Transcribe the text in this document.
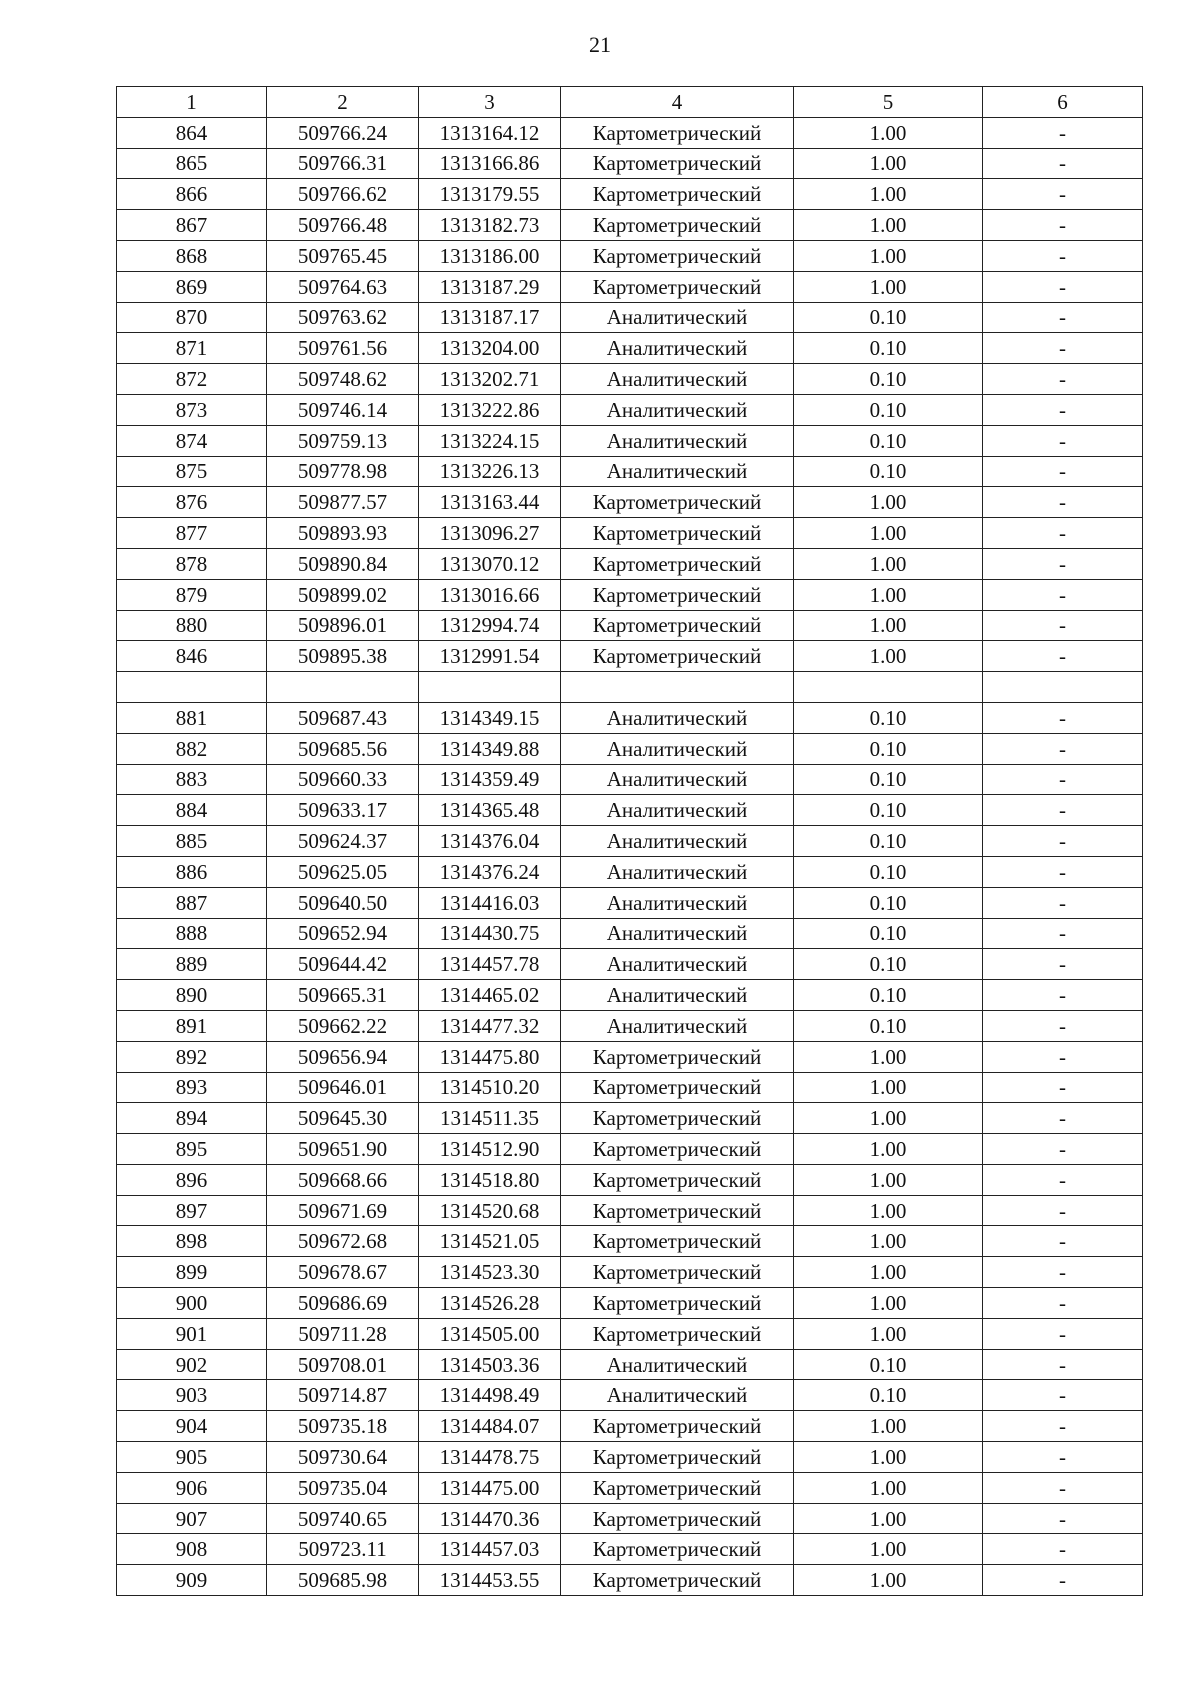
21
1	2	3	4	5	6
864	509766.24	1313164.12	Картометрический	1.00	-
865	509766.31	1313166.86	Картометрический	1.00	-
866	509766.62	1313179.55	Картометрический	1.00	-
867	509766.48	1313182.73	Картометрический	1.00	-
868	509765.45	1313186.00	Картометрический	1.00	-
869	509764.63	1313187.29	Картометрический	1.00	-
870	509763.62	1313187.17	Аналитический	0.10	-
871	509761.56	1313204.00	Аналитический	0.10	-
872	509748.62	1313202.71	Аналитический	0.10	-
873	509746.14	1313222.86	Аналитический	0.10	-
874	509759.13	1313224.15	Аналитический	0.10	-
875	509778.98	1313226.13	Аналитический	0.10	-
876	509877.57	1313163.44	Картометрический	1.00	-
877	509893.93	1313096.27	Картометрический	1.00	-
878	509890.84	1313070.12	Картометрический	1.00	-
879	509899.02	1313016.66	Картометрический	1.00	-
880	509896.01	1312994.74	Картометрический	1.00	-
846	509895.38	1312991.54	Картометрический	1.00	-

881	509687.43	1314349.15	Аналитический	0.10	-
882	509685.56	1314349.88	Аналитический	0.10	-
883	509660.33	1314359.49	Аналитический	0.10	-
884	509633.17	1314365.48	Аналитический	0.10	-
885	509624.37	1314376.04	Аналитический	0.10	-
886	509625.05	1314376.24	Аналитический	0.10	-
887	509640.50	1314416.03	Аналитический	0.10	-
888	509652.94	1314430.75	Аналитический	0.10	-
889	509644.42	1314457.78	Аналитический	0.10	-
890	509665.31	1314465.02	Аналитический	0.10	-
891	509662.22	1314477.32	Аналитический	0.10	-
892	509656.94	1314475.80	Картометрический	1.00	-
893	509646.01	1314510.20	Картометрический	1.00	-
894	509645.30	1314511.35	Картометрический	1.00	-
895	509651.90	1314512.90	Картометрический	1.00	-
896	509668.66	1314518.80	Картометрический	1.00	-
897	509671.69	1314520.68	Картометрический	1.00	-
898	509672.68	1314521.05	Картометрический	1.00	-
899	509678.67	1314523.30	Картометрический	1.00	-
900	509686.69	1314526.28	Картометрический	1.00	-
901	509711.28	1314505.00	Картометрический	1.00	-
902	509708.01	1314503.36	Аналитический	0.10	-
903	509714.87	1314498.49	Аналитический	0.10	-
904	509735.18	1314484.07	Картометрический	1.00	-
905	509730.64	1314478.75	Картометрический	1.00	-
906	509735.04	1314475.00	Картометрический	1.00	-
907	509740.65	1314470.36	Картометрический	1.00	-
908	509723.11	1314457.03	Картометрический	1.00	-
909	509685.98	1314453.55	Картометрический	1.00	-
